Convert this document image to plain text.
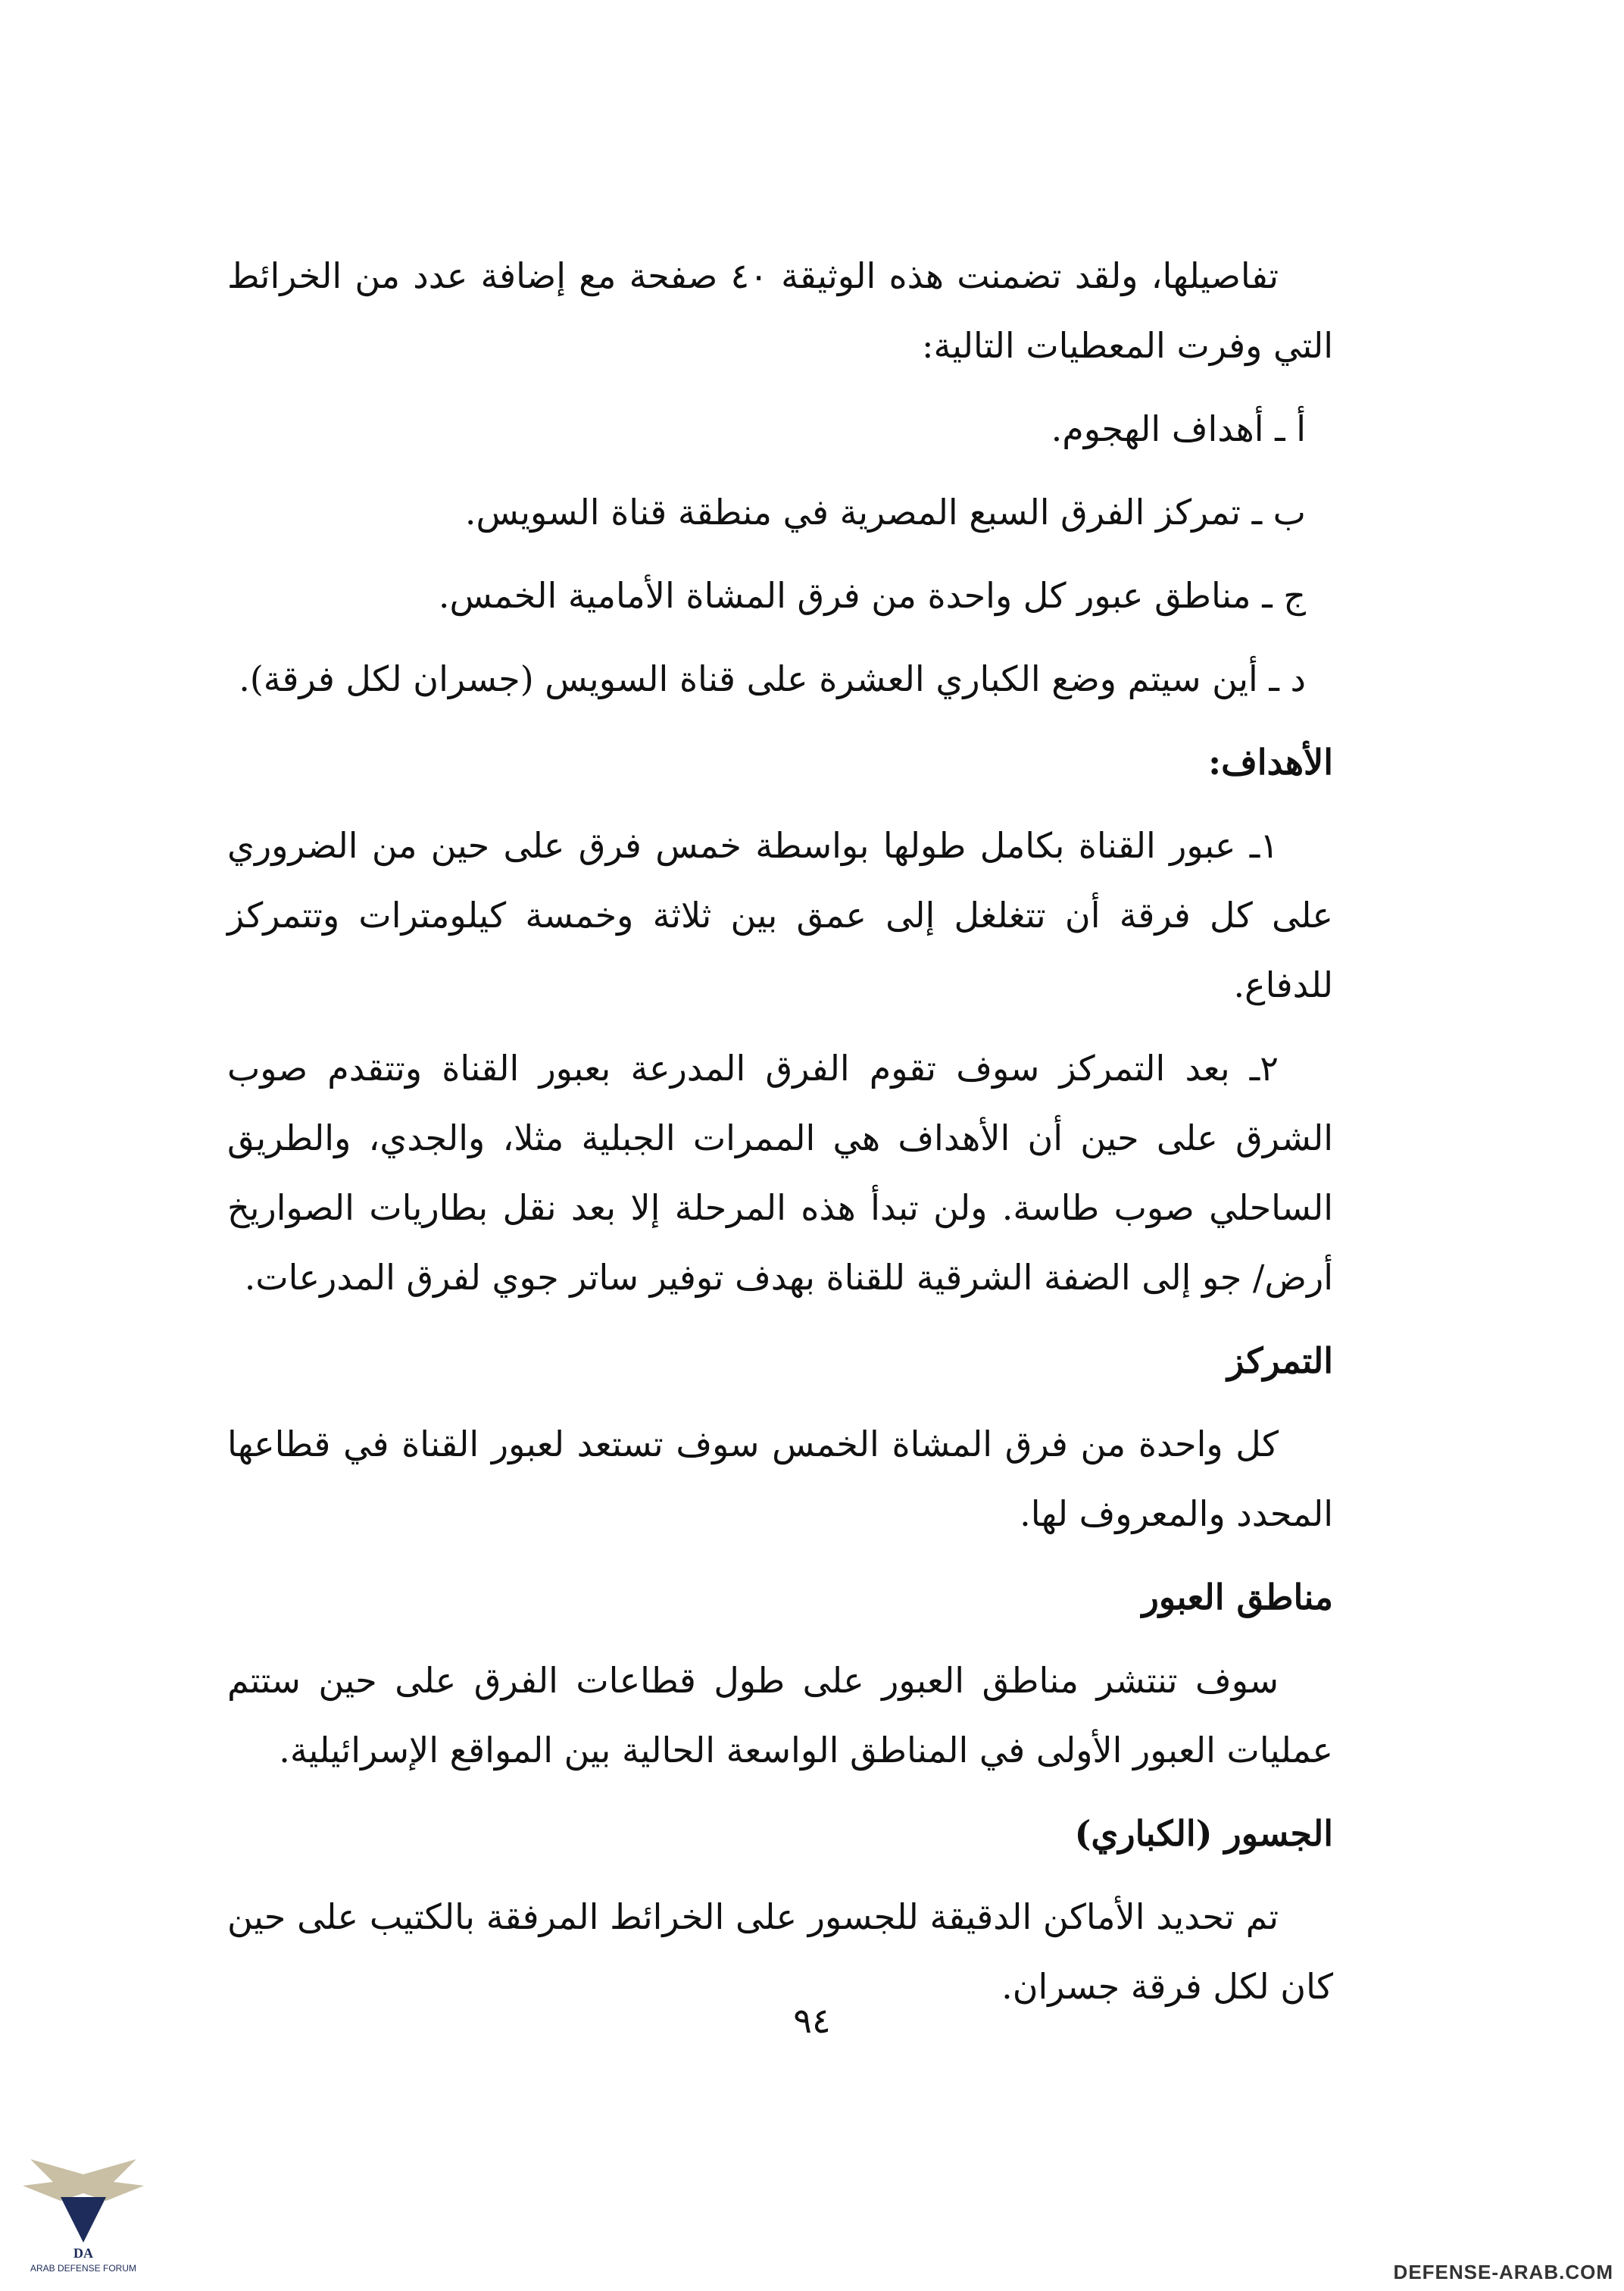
تفاصيلها، ولقد تضمنت هذه الوثيقة ٤٠ صفحة مع إضافة عدد من الخرائط التي وفرت المعطيات التالية:

أ ـ أهداف الهجوم.

ب ـ تمركز الفرق السبع المصرية في منطقة قناة السويس.

ج ـ مناطق عبور كل واحدة من فرق المشاة الأمامية الخمس.

د ـ أين سيتم وضع الكباري العشرة على قناة السويس (جسران لكل فرقة).

الأهداف:

١ـ عبور القناة بكامل طولها بواسطة خمس فرق على حين من الضروري على كل فرقة أن تتغلغل إلى عمق بين ثلاثة وخمسة كيلومترات وتتمركز للدفاع.

٢ـ بعد التمركز سوف تقوم الفرق المدرعة بعبور القناة وتتقدم صوب الشرق على حين أن الأهداف هي الممرات الجبلية مثلا، والجدي، والطريق الساحلي صوب طاسة. ولن تبدأ هذه المرحلة إلا بعد نقل بطاريات الصواريخ أرض/ جو إلى الضفة الشرقية للقناة بهدف توفير ساتر جوي لفرق المدرعات.

التمركز

كل واحدة من فرق المشاة الخمس سوف تستعد لعبور القناة في قطاعها المحدد والمعروف لها.

مناطق العبور

سوف تنتشر مناطق العبور على طول قطاعات الفرق على حين ستتم عمليات العبور الأولى في المناطق الواسعة الحالية بين المواقع الإسرائيلية.

الجسور (الكباري)

تم تحديد الأماكن الدقيقة للجسور على الخرائط المرفقة بالكتيب على حين كان لكل فرقة جسران.

٩٤
DA
ARAB DEFENSE FORUM	DEFENSE-ARAB.COM
